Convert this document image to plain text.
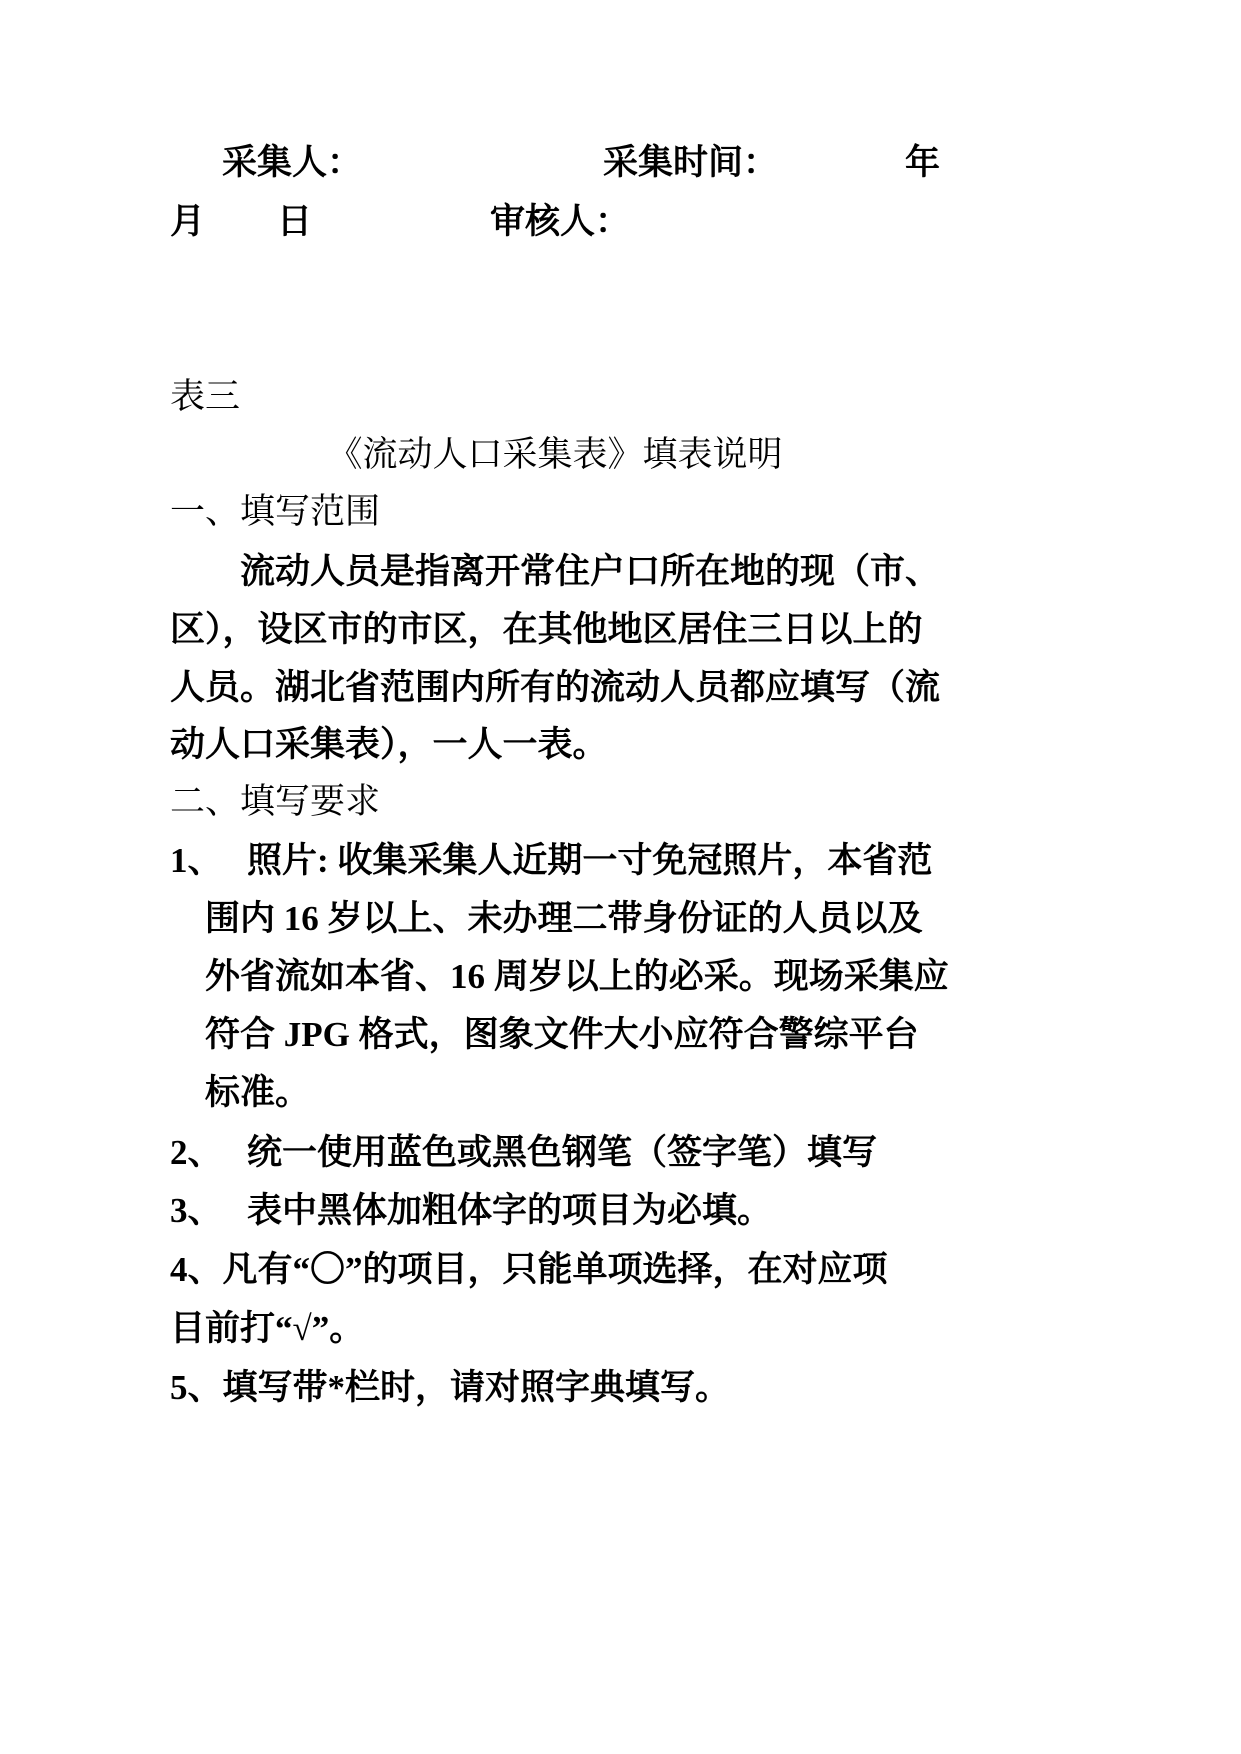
采集人：	采集时间：	年
月 日	审核人：
表三
《流动人口采集表》填表说明
一、填写范围
流动人员是指离开常住户口所在地的现（市、
区），设区市的市区，在其他地区居住三日以上的
人员。湖北省范围内所有的流动人员都应填写（流
动人口采集表），一人一表。
二、填写要求
1、 照片: 收集采集人近期一寸免冠照片，本省范
围内 16 岁以上、未办理二带身份证的人员以及
外省流如本省、16 周岁以上的必采。现场采集应
符合 JPG 格式，图象文件大小应符合警综平台
标准。
2、 统一使用蓝色或黑色钢笔（签字笔）填写
3、 表中黑体加粗体字的项目为必填。
4、凡有“〇”的项目，只能单项选择，在对应项
目前打“√”。
5、填写带*栏时，请对照字典填写。
